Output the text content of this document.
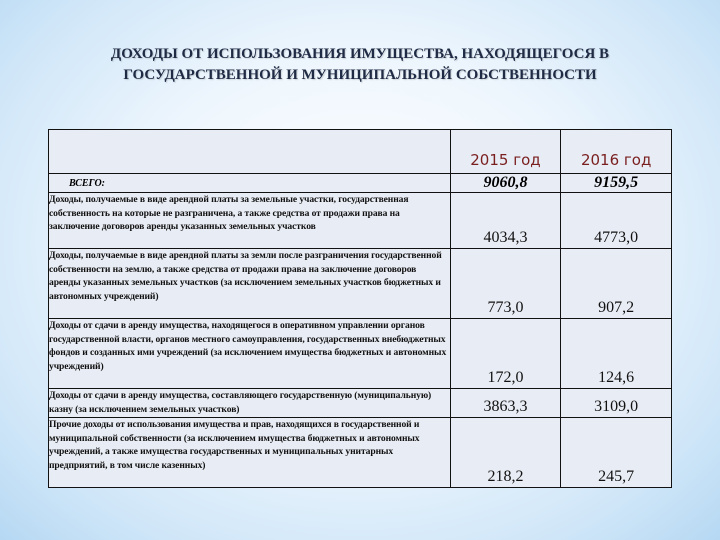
ДОХОДЫ ОТ ИСПОЛЬЗОВАНИЯ ИМУЩЕСТВА, НАХОДЯЩЕГОСЯ В
ГОСУДАРСТВЕННОЙ И МУНИЦИПАЛЬНОЙ СОБСТВЕННОСТИ

	2015 год	2016 год

ВСЕГО:	9060,8	9159,5
Доходы, получаемые в виде арендной платы за земельные участки, государственная собственность на которые не разграничена, а также средства от продажи права на заключение договоров аренды указанных земельных участков	4034,3	4773,0
Доходы, получаемые в виде арендной платы за земли после разграничения государственной собственности на землю, а также средства от продажи права на заключение договоров аренды указанных земельных участков (за исключением земельных участков бюджетных и автономных учреждений)	773,0	907,2
Доходы от сдачи в аренду имущества, находящегося в оперативном управлении органов государственной власти, органов местного самоуправления, государственных внебюджетных фондов и созданных ими учреждений (за исключением имущества бюджетных и автономных учреждений)	172,0	124,6
Доходы от сдачи в аренду имущества, составляющего государственную (муниципальную) казну (за исключением земельных участков)	3863,3	3109,0
Прочие доходы от использования имущества и прав, находящихся в государственной и муниципальной собственности (за исключением имущества бюджетных и автономных учреждений, а также имущества государственных и муниципальных унитарных предприятий, в том числе казенных)	218,2	245,7
